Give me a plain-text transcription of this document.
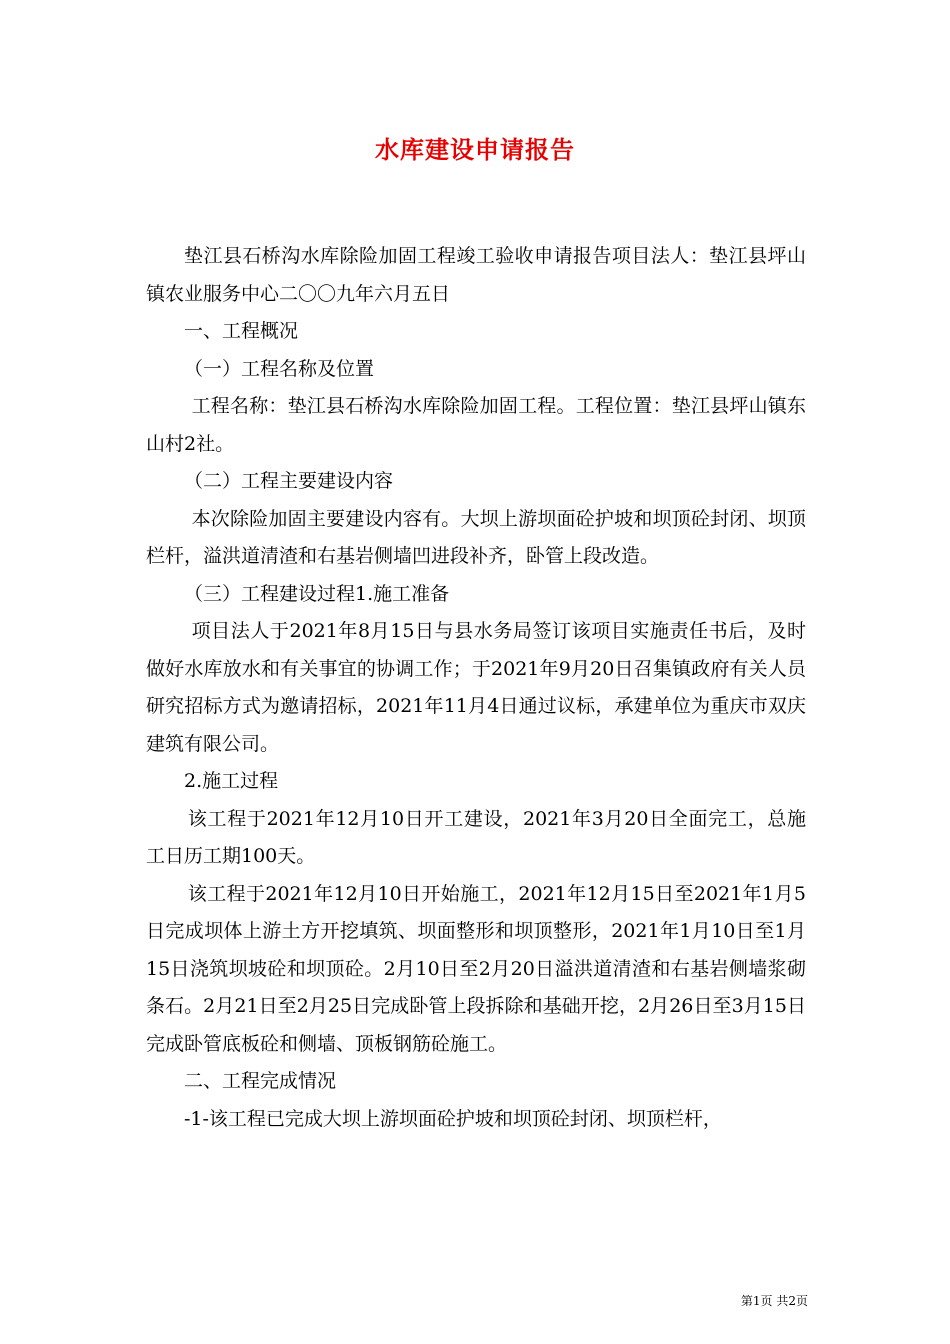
水库建设申请报告

垫江县石桥沟水库除险加固工程竣工验收申请报告项目法人：垫江县坪山镇农业服务中心二〇〇九年六月五日

一、工程概况

（一）工程名称及位置

工程名称：垫江县石桥沟水库除险加固工程。工程位置：垫江县坪山镇东山村2社。

（二）工程主要建设内容

本次除险加固主要建设内容有。大坝上游坝面砼护坡和坝顶砼封闭、坝顶栏杆，溢洪道清渣和右基岩侧墙凹进段补齐，卧管上段改造。

（三）工程建设过程1.施工准备

项目法人于2021年8月15日与县水务局签订该项目实施责任书后，及时做好水库放水和有关事宜的协调工作；于2021年9月20日召集镇政府有关人员研究招标方式为邀请招标，2021年11月4日通过议标，承建单位为重庆市双庆建筑有限公司。

2.施工过程

该工程于2021年12月10日开工建设，2021年3月20日全面完工，总施工日历工期100天。

该工程于2021年12月10日开始施工，2021年12月15日至2021年1月5日完成坝体上游土方开挖填筑、坝面整形和坝顶整形，2021年1月10日至1月15日浇筑坝坡砼和坝顶砼。2月10日至2月20日溢洪道清渣和右基岩侧墙浆砌条石。2月21日至2月25日完成卧管上段拆除和基础开挖，2月26日至3月15日完成卧管底板砼和侧墙、顶板钢筋砼施工。

二、工程完成情况

-1-该工程已完成大坝上游坝面砼护坡和坝顶砼封闭、坝顶栏杆，

第1页 共2页
